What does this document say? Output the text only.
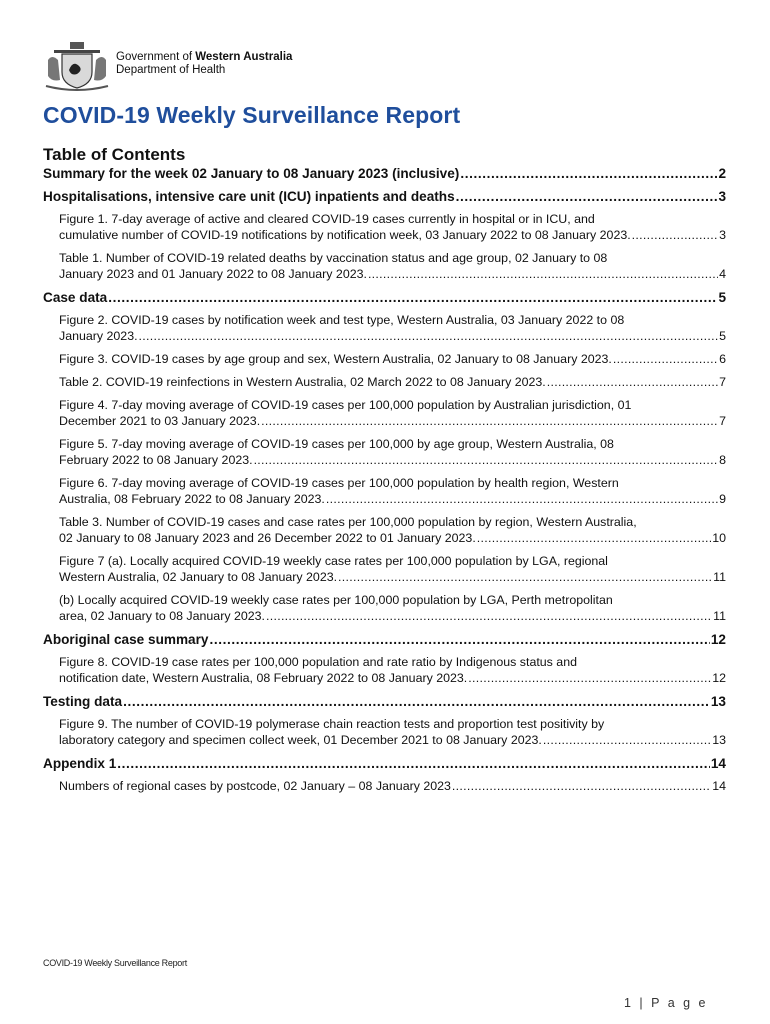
Government of Western Australia
Department of Health
COVID-19 Weekly Surveillance Report
Table of Contents
Summary for the week 02 January to 08 January 2023 (inclusive) .....	2
Hospitalisations, intensive care unit (ICU) inpatients and deaths .....	3
Figure 1. 7-day average of active and cleared COVID-19 cases currently in hospital or in ICU, and
cumulative number of COVID-19 notifications by notification week, 03 January 2022 to 08 January 2023. .....	3
Table 1. Number of COVID-19 related deaths by vaccination status and age group, 02 January to 08
January 2023 and 01 January 2022 to 08 January 2023. .....	4
Case data .....	5
Figure 2. COVID-19 cases by notification week and test type, Western Australia, 03 January 2022 to 08
January 2023. .....	5
Figure 3. COVID-19 cases by age group and sex, Western Australia, 02 January to 08 January 2023. .....	6
Table 2. COVID-19 reinfections in Western Australia, 02 March 2022 to 08 January 2023. .....	7
Figure 4. 7-day moving average of COVID-19 cases per 100,000 population by Australian jurisdiction, 01
December 2021 to 03 January 2023. .....	7
Figure 5. 7-day moving average of COVID-19 cases per 100,000 by age group, Western Australia, 08
February 2022 to 08 January 2023. .....	8
Figure 6. 7-day moving average of COVID-19 cases per 100,000 population by health region, Western
Australia, 08 February 2022 to 08 January 2023. .....	9
Table 3. Number of COVID-19 cases and case rates per 100,000 population by region, Western Australia,
02 January to 08 January 2023 and 26 December 2022 to 01 January 2023. .....	10
Figure 7 (a). Locally acquired COVID-19 weekly case rates per 100,000 population by LGA, regional
Western Australia, 02 January to 08 January 2023. .....	11
(b) Locally acquired COVID-19 weekly case rates per 100,000 population by LGA, Perth metropolitan
area, 02 January to 08 January 2023. .....	11
Aboriginal case summary .....	12
Figure 8. COVID-19 case rates per 100,000 population and rate ratio by Indigenous status and
notification date, Western Australia, 08 February 2022 to 08 January 2023. .....	12
Testing data .....	13
Figure 9. The number of COVID-19 polymerase chain reaction tests and proportion test positivity by
laboratory category and specimen collect week, 01 December 2021 to 08 January 2023. .....	13
Appendix 1 .....	14
Numbers of regional cases by postcode, 02 January – 08 January 2023 .....	14
COVID-19 Weekly Surveillance Report
1 | P a g e
